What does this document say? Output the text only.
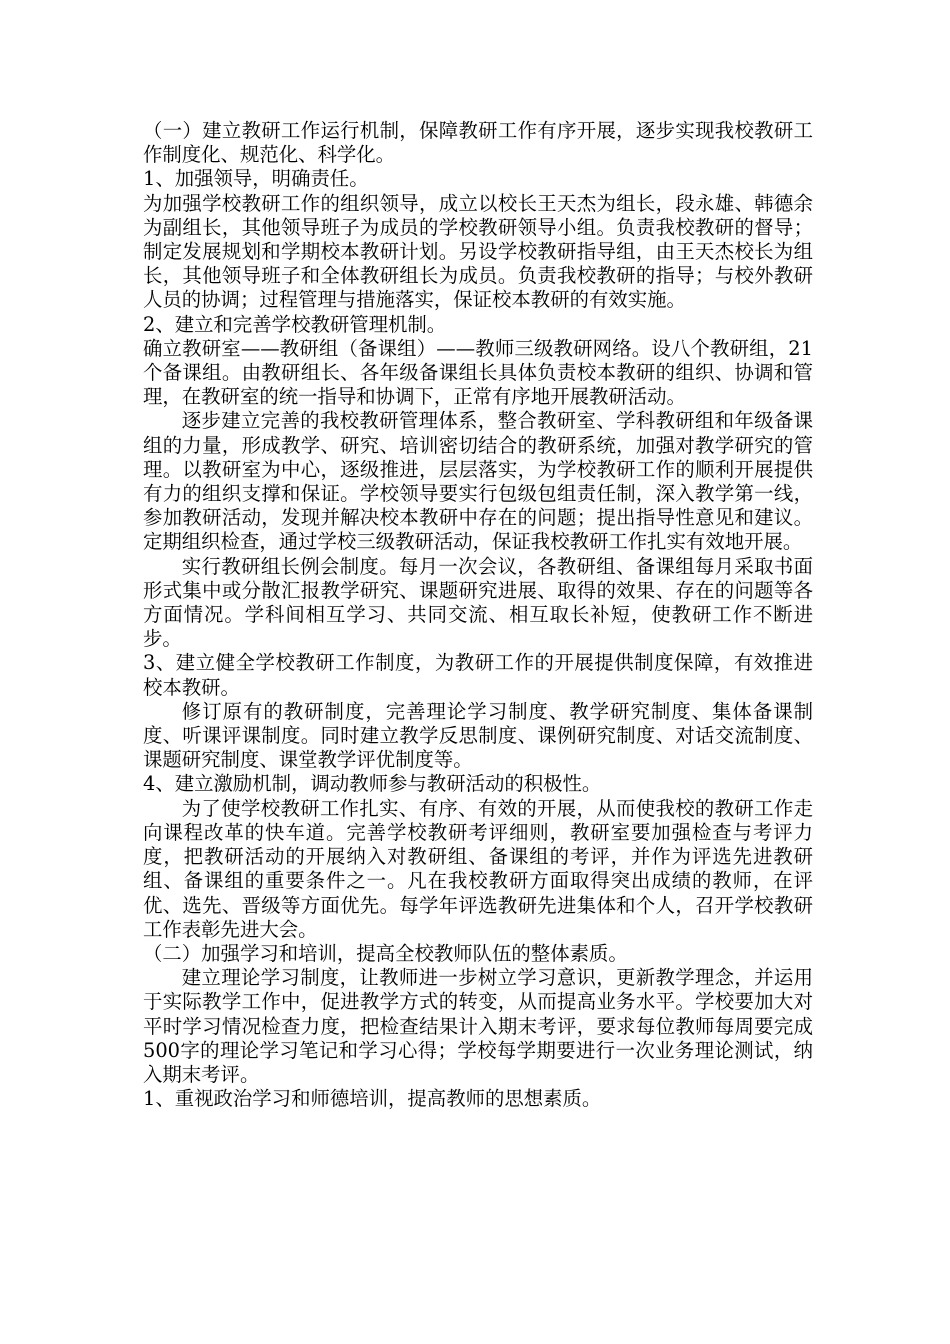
（一）建立教研工作运行机制，保障教研工作有序开展，逐步实现我校教研工作制度化、规范化、科学化。

1、加强领导，明确责任。

为加强学校教研工作的组织领导，成立以校长王天杰为组长，段永雄、韩德余为副组长，其他领导班子为成员的学校教研领导小组。负责我校教研的督导；制定发展规划和学期校本教研计划。另设学校教研指导组，由王天杰校长为组长，其他领导班子和全体教研组长为成员。负责我校教研的指导；与校外教研人员的协调；过程管理与措施落实，保证校本教研的有效实施。

2、建立和完善学校教研管理机制。

确立教研室——教研组（备课组）——教师三级教研网络。设八个教研组，21个备课组。由教研组长、各年级备课组长具体负责校本教研的组织、协调和管理，在教研室的统一指导和协调下，正常有序地开展教研活动。

逐步建立完善的我校教研管理体系，整合教研室、学科教研组和年级备课组的力量，形成教学、研究、培训密切结合的教研系统，加强对教学研究的管理。以教研室为中心，逐级推进，层层落实，为学校教研工作的顺利开展提供有力的组织支撑和保证。学校领导要实行包级包组责任制，深入教学第一线，参加教研活动，发现并解决校本教研中存在的问题；提出指导性意见和建议。定期组织检查，通过学校三级教研活动，保证我校教研工作扎实有效地开展。

实行教研组长例会制度。每月一次会议，各教研组、备课组每月采取书面形式集中或分散汇报教学研究、课题研究进展、取得的效果、存在的问题等各方面情况。学科间相互学习、共同交流、相互取长补短，使教研工作不断进步。

3、建立健全学校教研工作制度，为教研工作的开展提供制度保障，有效推进校本教研。

修订原有的教研制度，完善理论学习制度、教学研究制度、集体备课制度、听课评课制度。同时建立教学反思制度、课例研究制度、对话交流制度、课题研究制度、课堂教学评优制度等。

4、建立激励机制，调动教师参与教研活动的积极性。

为了使学校教研工作扎实、有序、有效的开展，从而使我校的教研工作走向课程改革的快车道。完善学校教研考评细则，教研室要加强检查与考评力度，把教研活动的开展纳入对教研组、备课组的考评，并作为评选先进教研组、备课组的重要条件之一。凡在我校教研方面取得突出成绩的教师，在评优、选先、晋级等方面优先。每学年评选教研先进集体和个人，召开学校教研工作表彰先进大会。

（二）加强学习和培训，提高全校教师队伍的整体素质。

建立理论学习制度，让教师进一步树立学习意识，更新教学理念，并运用于实际教学工作中，促进教学方式的转变，从而提高业务水平。学校要加大对平时学习情况检查力度，把检查结果计入期末考评，要求每位教师每周要完成500字的理论学习笔记和学习心得；学校每学期要进行一次业务理论测试，纳入期末考评。

1、重视政治学习和师德培训，提高教师的思想素质。
